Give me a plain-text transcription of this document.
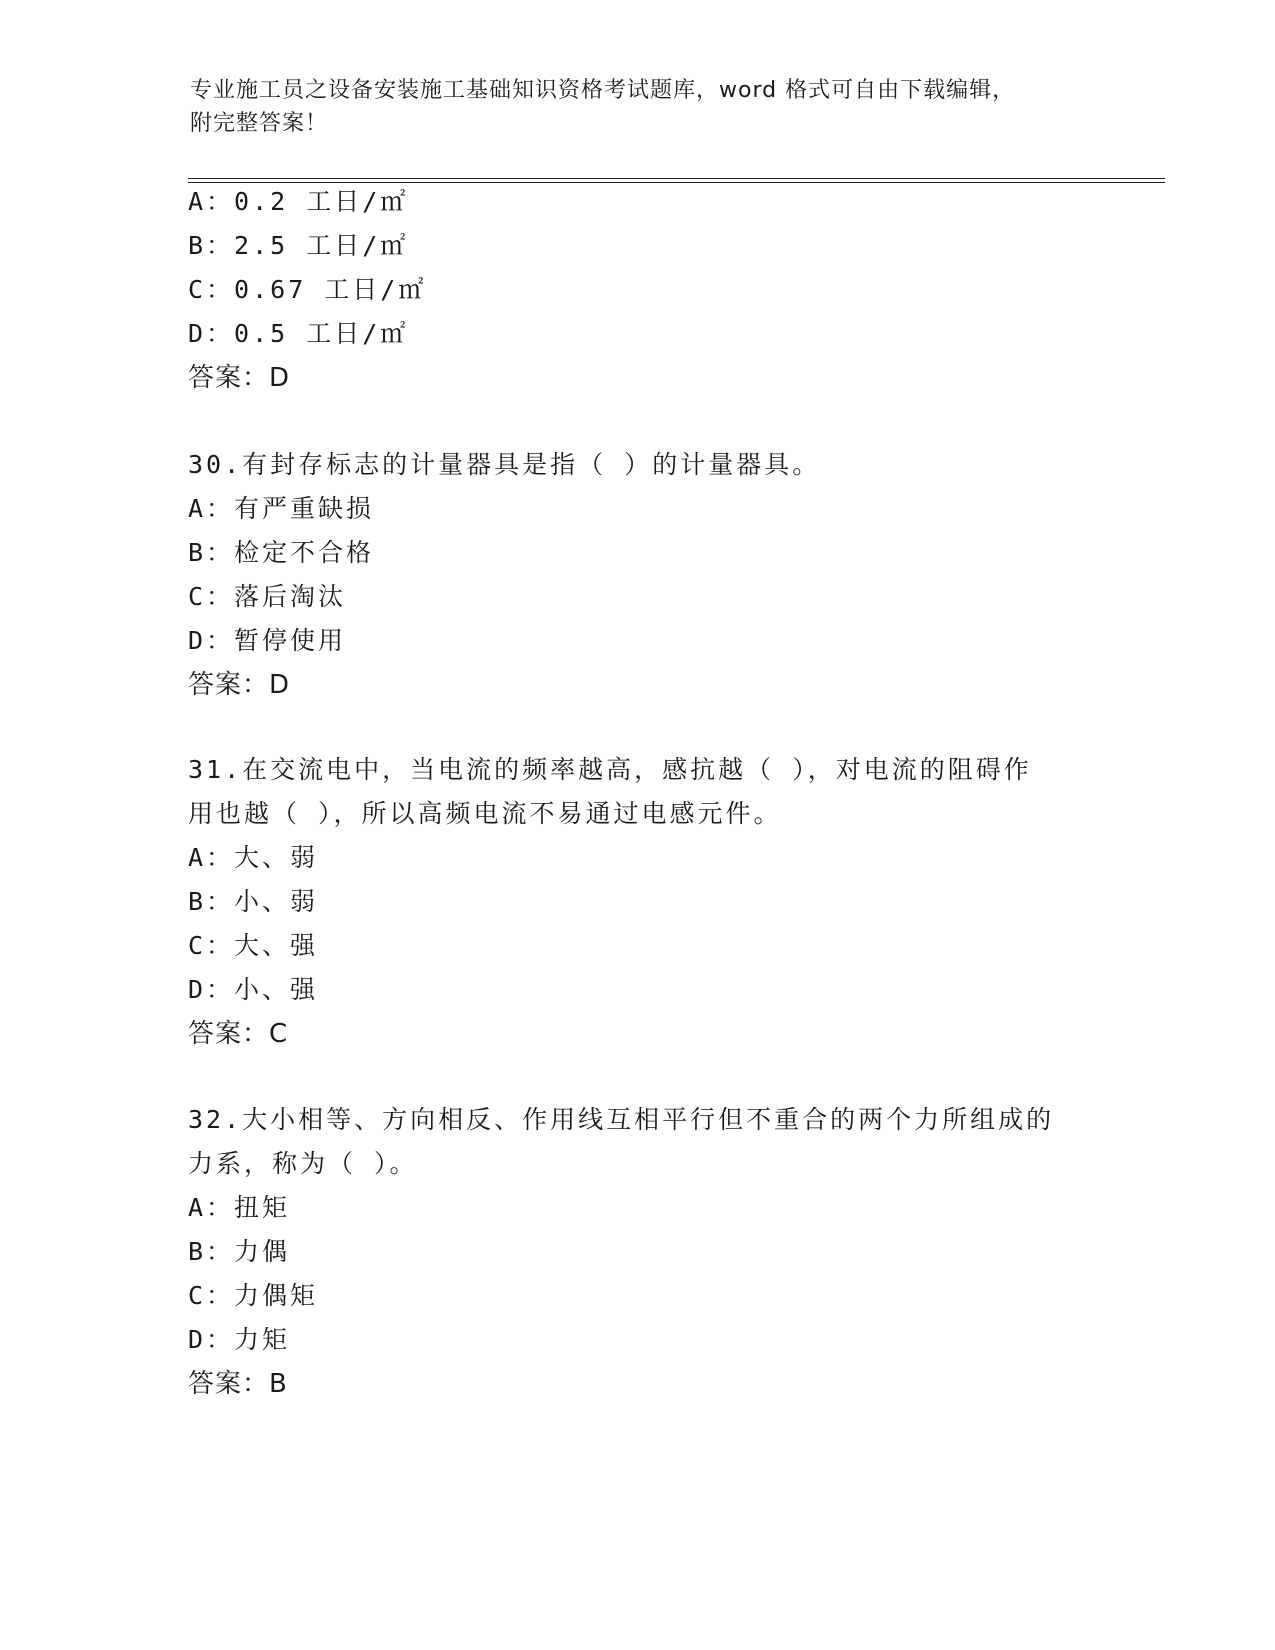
专业施工员之设备安装施工基础知识资格考试题库，word 格式可自由下载编辑，
附完整答案！
A：0.2 工日/㎡
B：2.5 工日/㎡
C：0.67 工日/㎡
D：0.5 工日/㎡
答案：D
30.有封存标志的计量器具是指（ ）的计量器具。
A：有严重缺损
B：检定不合格
C：落后淘汰
D：暂停使用
答案：D
31.在交流电中，当电流的频率越高，感抗越（ ），对电流的阻碍作
用也越（ ），所以高频电流不易通过电感元件。
A：大、弱
B：小、弱
C：大、强
D：小、强
答案：C
32.大小相等、方向相反、作用线互相平行但不重合的两个力所组成的
力系，称为（ ）。
A：扭矩
B：力偶
C：力偶矩
D：力矩
答案：B
